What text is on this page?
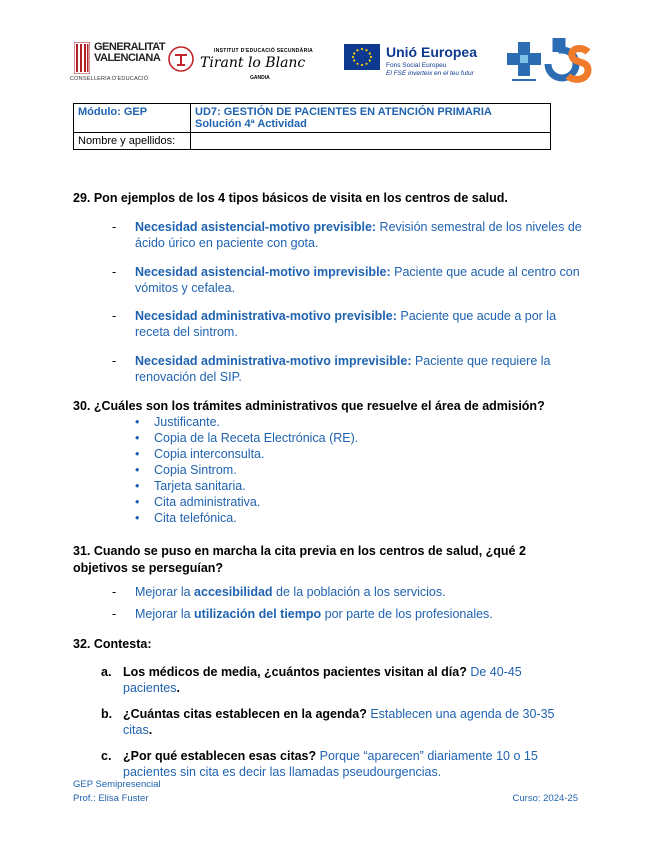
GENERALITAT
VALENCIANA
CONSELLERIA D'EDUCACIÓ
INSTITUT D'EDUCACIÓ SECUNDÀRIA
Tirant lo Blanc
GANDIA
Unió Europea
Fons Social Europeu
El FSE inverteix en el teu futur
Módulo: GEP	UD7: GESTIÓN DE PACIENTES EN ATENCIÓN PRIMARIA
Solución 4ª Actividad

Nombre y apellidos:	
29. Pon ejemplos de los 4 tipos básicos de visita en los centros de salud.
- Necesidad asistencial-motivo previsible: Revisión semestral de los niveles de ácido úrico en paciente con gota.
- Necesidad asistencial-motivo imprevisible: Paciente que acude al centro con vómitos y cefalea.
- Necesidad administrativa-motivo previsible: Paciente que acude a por la receta del sintrom.
- Necesidad administrativa-motivo imprevisible: Paciente que requiere la renovación del SIP.
30. ¿Cuáles son los trámites administrativos que resuelve el área de admisión?
• Justificante.
• Copia de la Receta Electrónica (RE).
• Copia interconsulta.
• Copia Sintrom.
• Tarjeta sanitaria.
• Cita administrativa.
• Cita telefónica.
31. Cuando se puso en marcha la cita previa en los centros de salud, ¿qué 2
objetivos se perseguían?
- Mejorar la accesibilidad de la población a los servicios.
- Mejorar la utilización del tiempo por parte de los profesionales.
32. Contesta:
a. Los médicos de media, ¿cuántos pacientes visitan al día? De 40-45 pacientes.
b. ¿Cuántas citas establecen en la agenda? Establecen una agenda de 30-35 citas.
c. ¿Por qué establecen esas citas? Porque “aparecen” diariamente 10 o 15 pacientes sin cita es decir las llamadas pseudourgencias.
GEP Semipresencial
Prof.: Elisa Fuster	Curso: 2024-25
